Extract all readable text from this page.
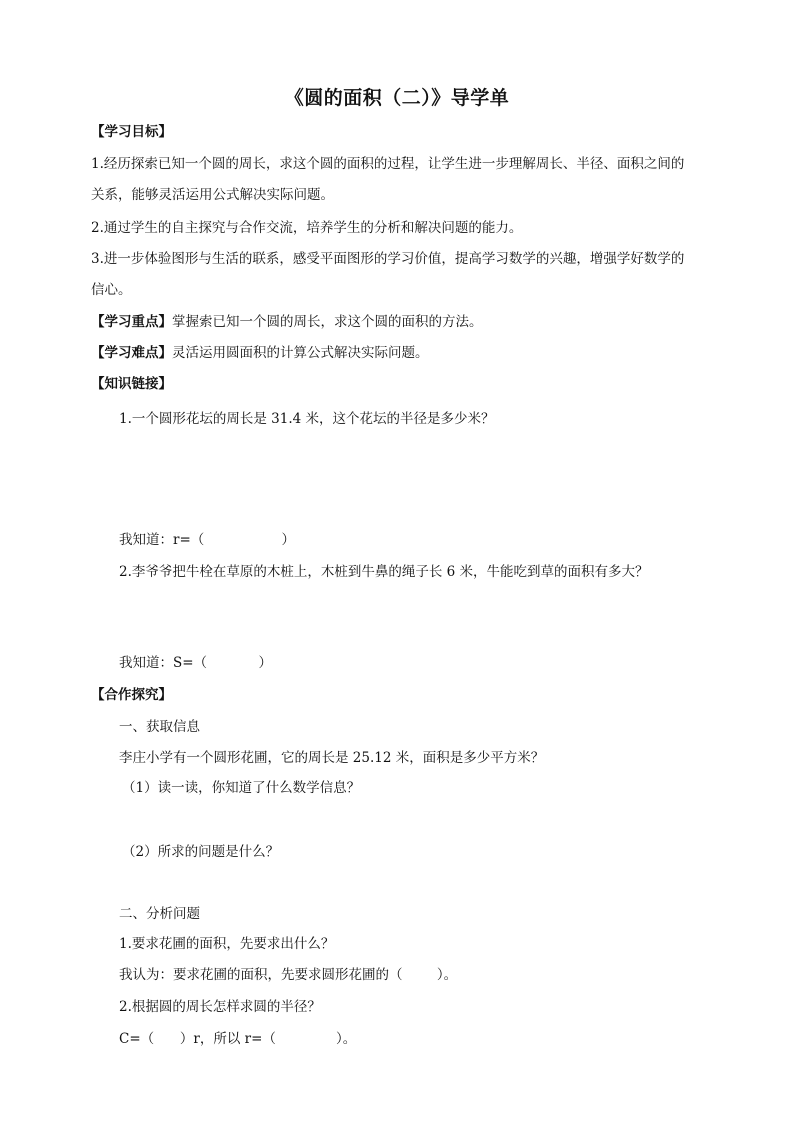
《圆的面积（二）》导学单
【学习目标】
1.经历探索已知一个圆的周长，求这个圆的面积的过程，让学生进一步理解周长、半径、面积之间的
关系，能够灵活运用公式解决实际问题。
2.通过学生的自主探究与合作交流，培养学生的分析和解决问题的能力。
3.进一步体验图形与生活的联系，感受平面图形的学习价值，提高学习数学的兴趣，增强学好数学的
信心。
【学习重点】掌握索已知一个圆的周长，求这个圆的面积的方法。
【学习难点】灵活运用圆面积的计算公式解决实际问题。
【知识链接】
1.一个圆形花坛的周长是 31.4 米，这个花坛的半径是多少米？
我知道：r=（                  ）
2.李爷爷把牛栓在草原的木桩上，木桩到牛鼻的绳子长 6 米，牛能吃到草的面积有多大？
我知道：S=（            ）
【合作探究】
一、获取信息
李庄小学有一个圆形花圃，它的周长是 25.12 米，面积是多少平方米？
（1）读一读，你知道了什么数学信息？
（2）所求的问题是什么？
二、分析问题
1.要求花圃的面积，先要求出什么？
我认为：要求花圃的面积，先要求圆形花圃的（        ）。
2.根据圆的周长怎样求圆的半径？
C=（      ）r，所以 r=（              ）。
